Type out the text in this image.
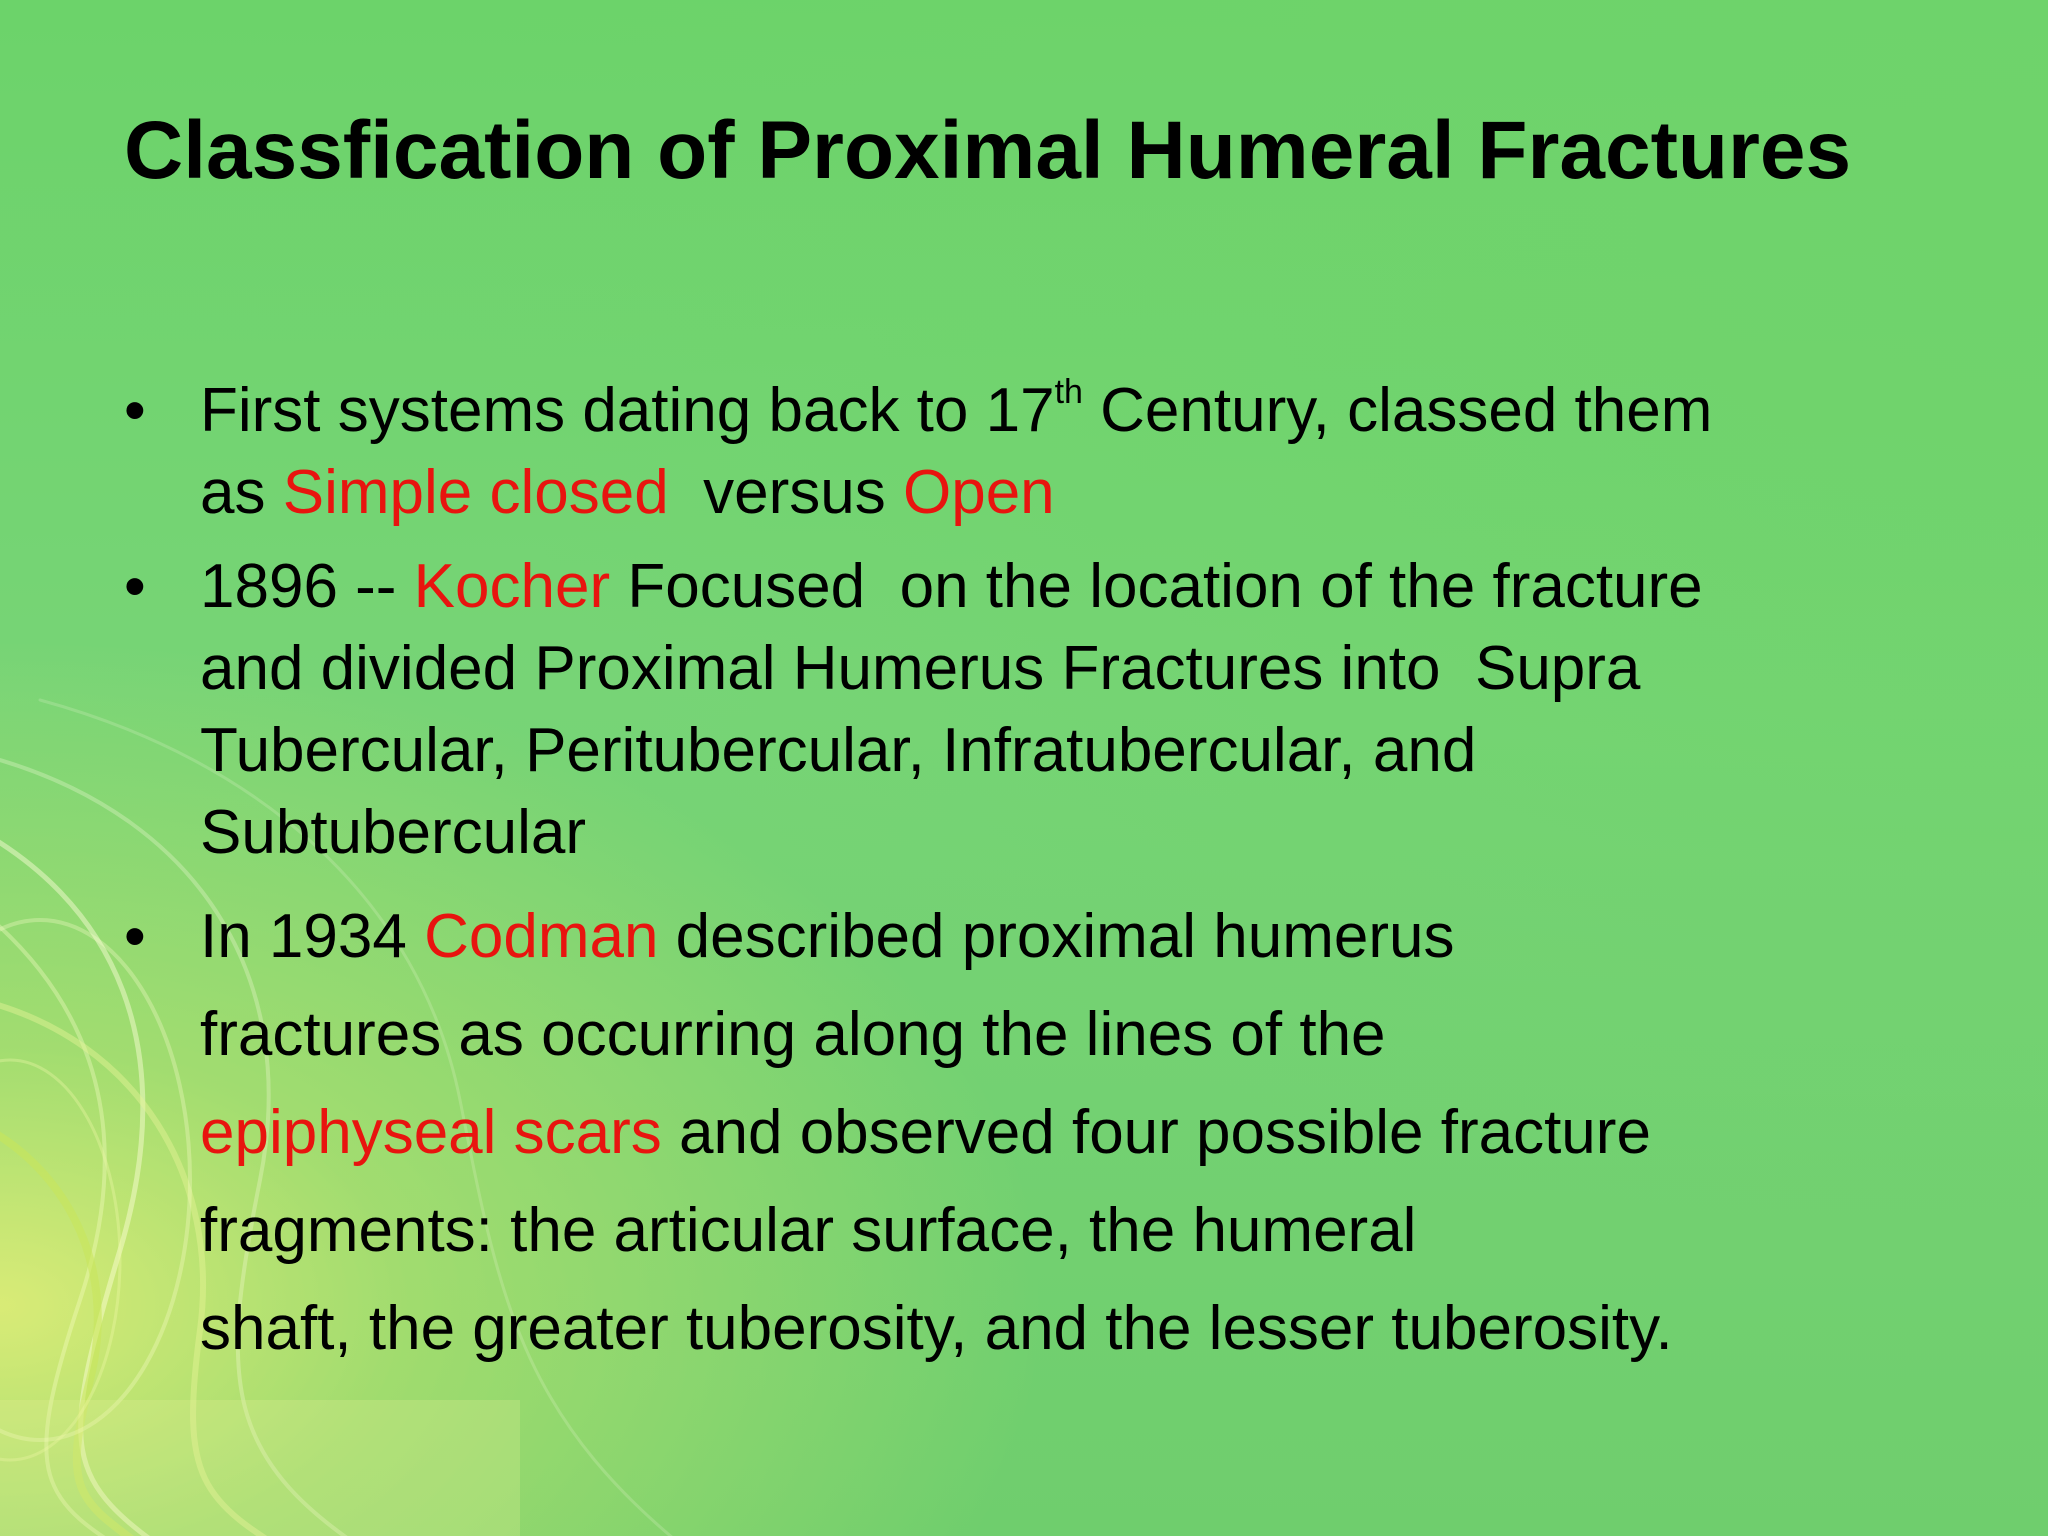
Classfication of Proximal Humeral Fractures
• First systems dating back to 17th Century, classed them
as Simple closed  versus Open
• 1896 -- Kocher Focused  on the location of the fracture
and divided Proximal Humerus Fractures into  Supra
Tubercular, Peritubercular, Infratubercular, and
Subtubercular
• In 1934 Codman described proximal humerus
fractures as occurring along the lines of the
epiphyseal scars and observed four possible fracture
fragments: the articular surface, the humeral
shaft, the greater tuberosity, and the lesser tuberosity.
